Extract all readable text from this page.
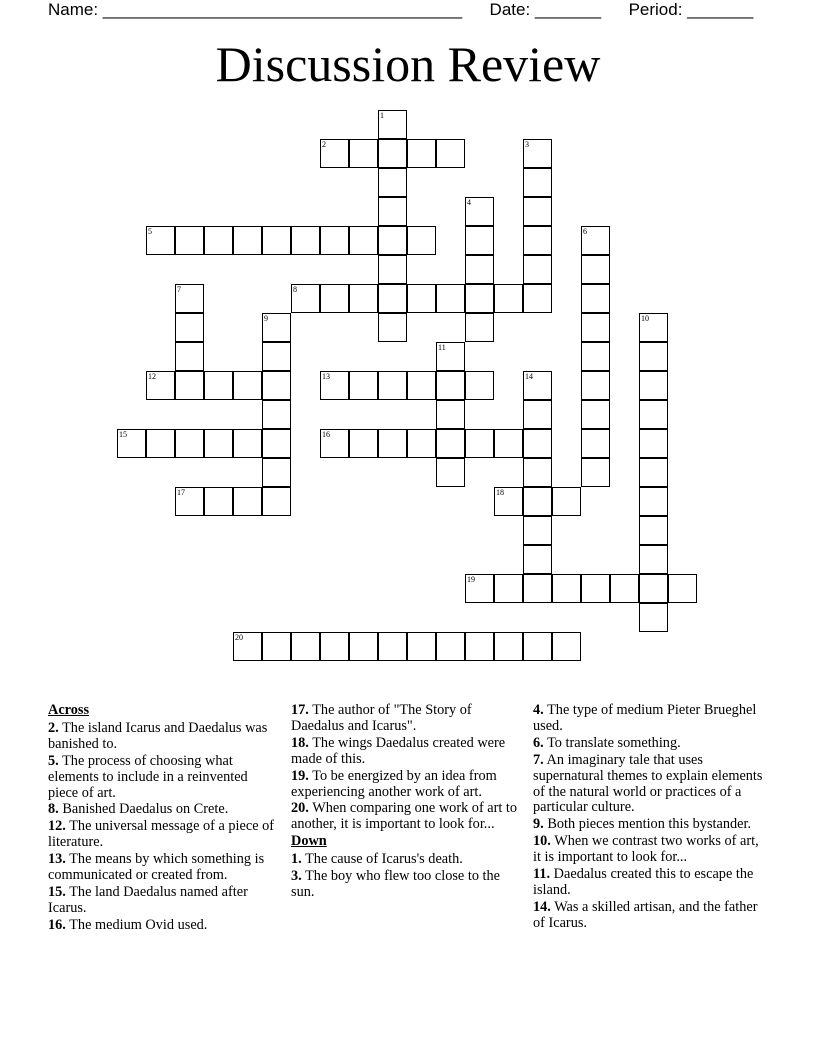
Name: ______________________________________ Date: _______ Period: _______
Discussion Review
1
2	3
4
5	6
7	8
9	10
11
12	13	14
15	16
17	18
19
20
Across
2. The island Icarus and Daedalus was banished to.
5. The process of choosing what elements to include in a reinvented piece of art.
8. Banished Daedalus on Crete.
12. The universal message of a piece of literature.
13. The means by which something is communicated or created from.
15. The land Daedalus named after Icarus.
16. The medium Ovid used.
17. The author of "The Story of Daedalus and Icarus".
18. The wings Daedalus created were made of this.
19. To be energized by an idea from experiencing another work of art.
20. When comparing one work of art to another, it is important to look for...
Down
1. The cause of Icarus's death.
3. The boy who flew too close to the sun.
4. The type of medium Pieter Brueghel used.
6. To translate something.
7. An imaginary tale that uses supernatural themes to explain elements of the natural world or practices of a particular culture.
9. Both pieces mention this bystander.
10. When we contrast two works of art, it is important to look for...
11. Daedalus created this to escape the island.
14. Was a skilled artisan, and the father of Icarus.
